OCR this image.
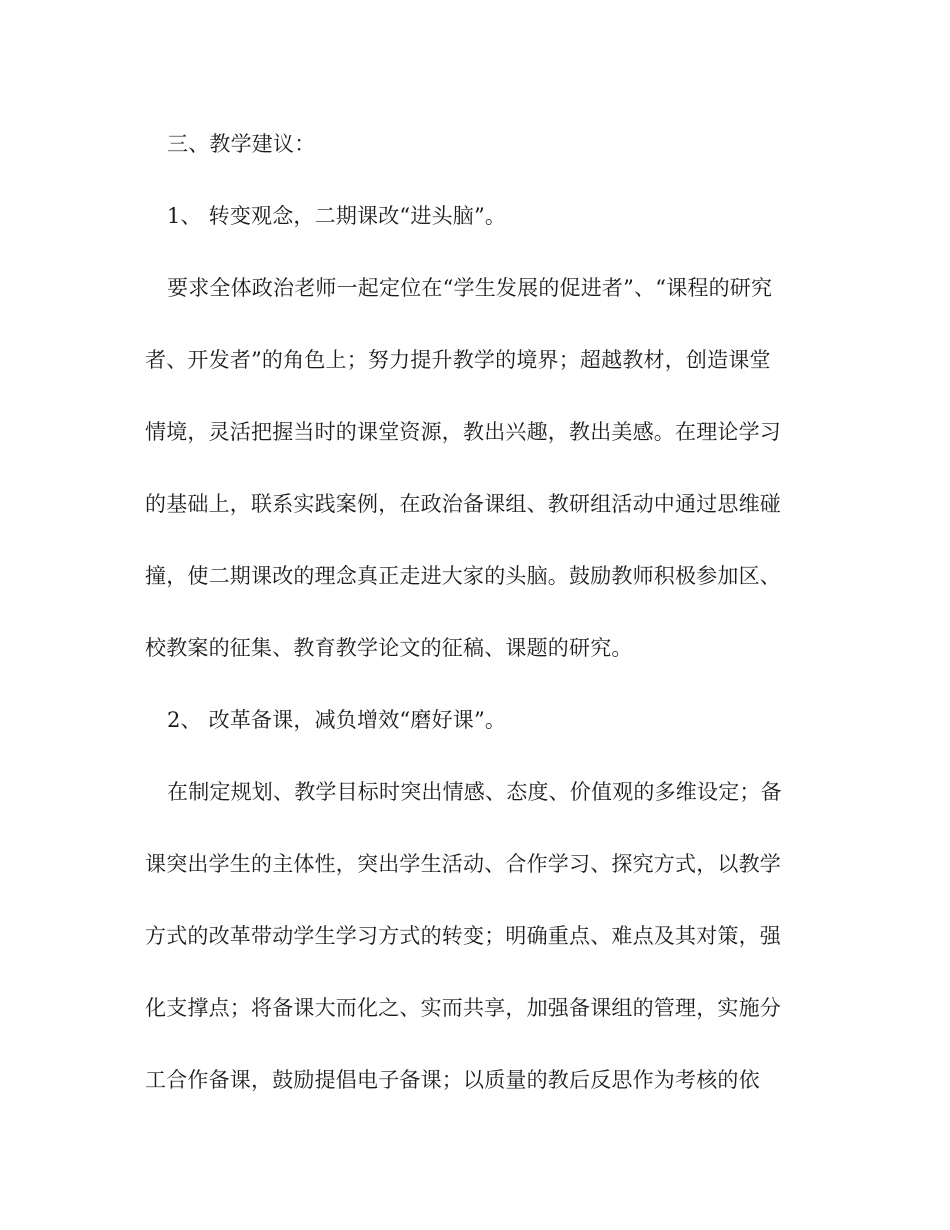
三、教学建议：
1、 转变观念，二期课改“进头脑”。
要求全体政治老师一起定位在“学生发展的促进者”、“课程的研究
者、开发者”的角色上；努力提升教学的境界；超越教材，创造课堂
情境，灵活把握当时的课堂资源，教出兴趣，教出美感。在理论学习
的基础上，联系实践案例，在政治备课组、教研组活动中通过思维碰
撞，使二期课改的理念真正走进大家的头脑。鼓励教师积极参加区、
校教案的征集、教育教学论文的征稿、课题的研究。
2、 改革备课，减负增效“磨好课”。
在制定规划、教学目标时突出情感、态度、价值观的多维设定；备
课突出学生的主体性，突出学生活动、合作学习、探究方式，以教学
方式的改革带动学生学习方式的转变；明确重点、难点及其对策，强
化支撑点；将备课大而化之、实而共享，加强备课组的管理，实施分
工合作备课，鼓励提倡电子备课；以质量的教后反思作为考核的依
